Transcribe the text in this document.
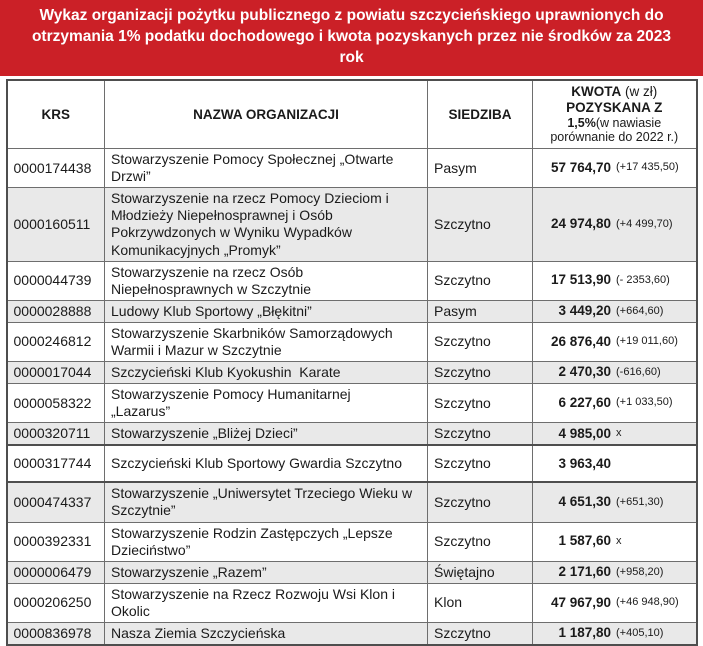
Wykaz organizacji pożytku publicznego z powiatu szczycieńskiego uprawnionych do otrzymania 1% podatku dochodowego i kwota pozyskanych przez nie środków za 2023 rok
KRS	NAZWA ORGANIZACJI	SIEDZIBA	KWOTA (w zł)
POZYSKANA Z
1,5%(w nawiasie
porównanie do 2022 r.)

0000174438	Stowarzyszenie Pomocy Społecznej „Otwarte Drzwi”	Pasym	57 764,70 (+17 435,50)

0000160511	Stowarzyszenie na rzecz Pomocy Dzieciom i Młodzieży Niepełnosprawnej i Osób Pokrzywdzonych w Wyniku Wypadków Komunikacyjnych „Promyk”	Szczytno	24 974,80 (+4 499,70)

0000044739	Stowarzyszenie na rzecz Osób Niepełnosprawnych w Szczytnie	Szczytno	17 513,90 (- 2353,60)

0000028888	Ludowy Klub Sportowy „Błękitni”	Pasym	3 449,20 (+664,60)

0000246812	Stowarzyszenie Skarbników Samorządowych Warmii i Mazur w Szczytnie	Szczytno	26 876,40 (+19 011,60)

0000017044	Szczycieński Klub Kyokushin  Karate	Szczytno	2 470,30 (-616,60)

0000058322	Stowarzyszenie Pomocy Humanitarnej „Lazarus”	Szczytno	6 227,60 (+1 033,50)

0000320711	Stowarzyszenie „Bliżej Dzieci”	Szczytno	4 985,00 x

0000317744	Szczycieński Klub Sportowy Gwardia Szczytno	Szczytno	3 963,40

0000474337	Stowarzyszenie „Uniwersytet Trzeciego Wieku w Szczytnie”	Szczytno	4 651,30 (+651,30)

0000392331	Stowarzyszenie Rodzin Zastępczych „Lepsze Dzieciństwo”	Szczytno	1 587,60 x

0000006479	Stowarzyszenie „Razem”	Świętajno	2 171,60 (+958,20)

0000206250	Stowarzyszenie na Rzecz Rozwoju Wsi Klon i Okolic	Klon	47 967,90 (+46 948,90)

0000836978	Nasza Ziemia Szczycieńska	Szczytno	1 187,80 (+405,10)
